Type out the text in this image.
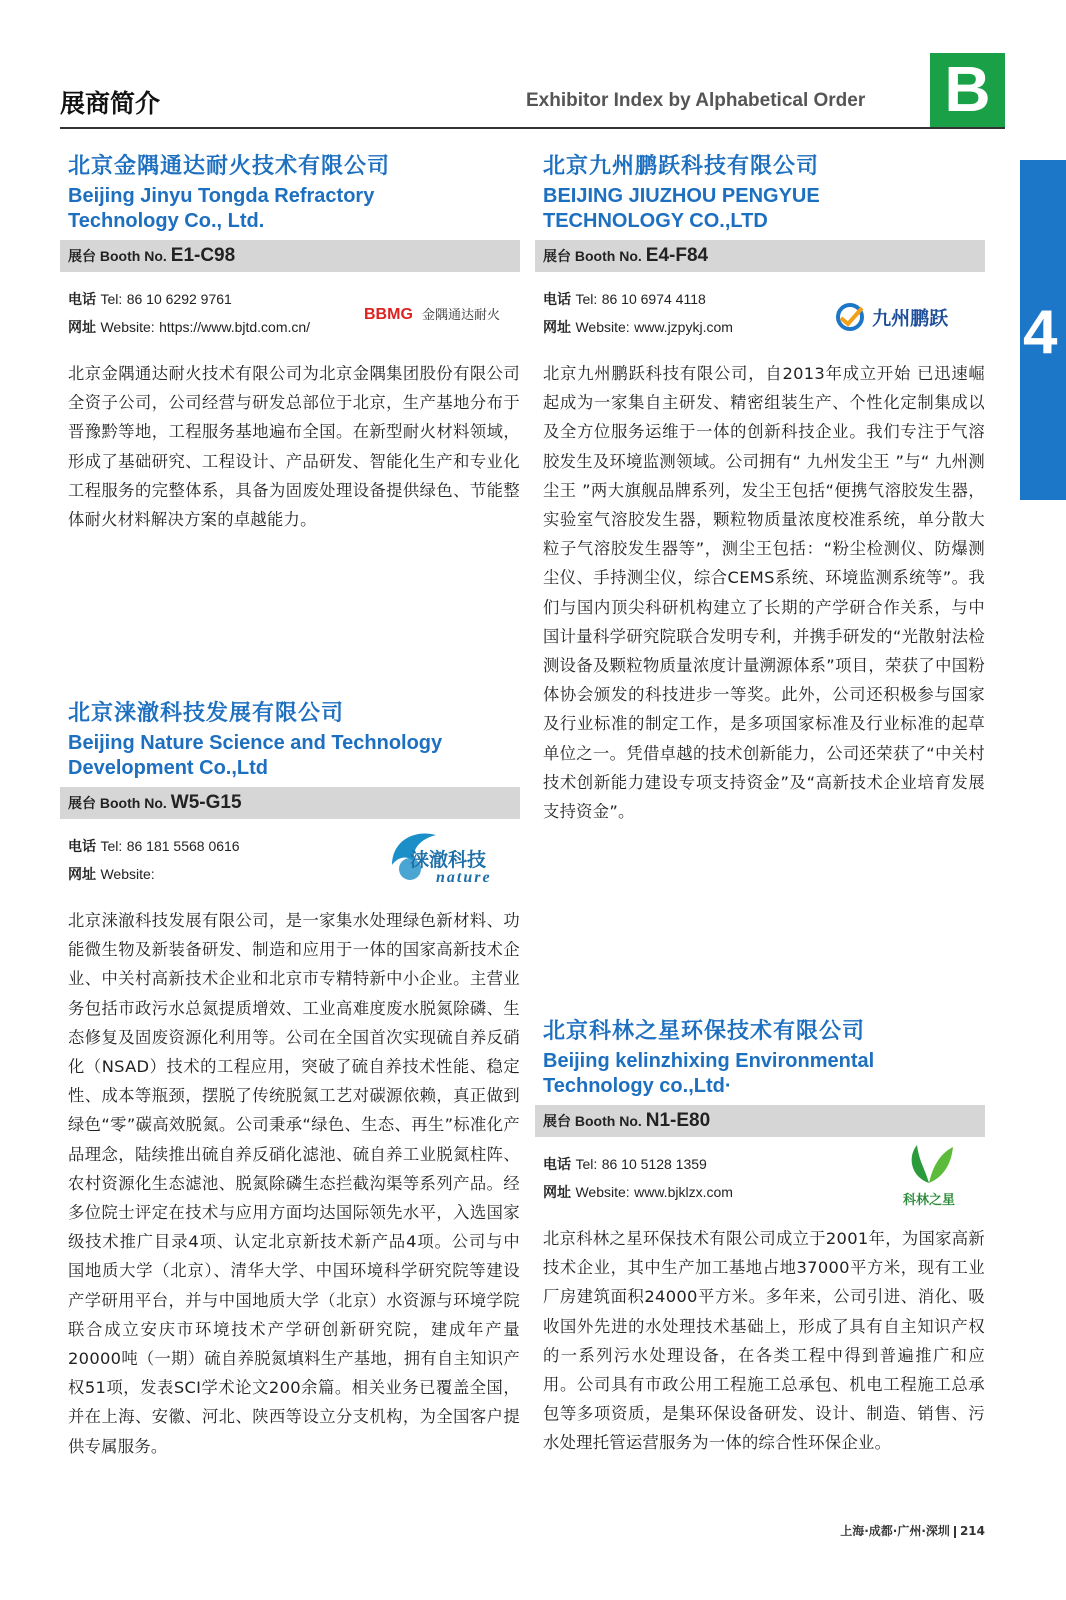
展商简介	Exhibitor Index by Alphabetical Order B
4
北京金隅通达耐火技术有限公司
Beijing Jinyu Tongda Refractory
Technology Co., Ltd.
展台 Booth No. E1-C98
电话 Tel: 86 10 6292 9761
网址 Website: https://www.bjtd.com.cn/
BBMG 金隅通达耐火
北京金隅通达耐火技术有限公司为北京金隅集团股份有限公司全资子公司，公司经营与研发总部位于北京，生产基地分布于晋豫黔等地，工程服务基地遍布全国。在新型耐火材料领域，形成了基础研究、工程设计、产品研发、智能化生产和专业化工程服务的完整体系，具备为固废处理设备提供绿色、节能整体耐火材料解决方案的卓越能力。
北京九州鹏跃科技有限公司
BEIJING JIUZHOU PENGYUE
TECHNOLOGY CO.,LTD
展台 Booth No. E4-F84
电话 Tel: 86 10 6974 4118
网址 Website: www.jzpykj.com	九州鹏跃
北京九州鹏跃科技有限公司，自2013年成立开始 已迅速崛起成为一家集自主研发、精密组装生产、个性化定制集成以及全方位服务运维于一体的创新科技企业。我们专注于气溶胶发生及环境监测领域。公司拥有“ 九州发尘王 ”与“ 九州测尘王 ”两大旗舰品牌系列，发尘王包括“便携气溶胶发生器，实验室气溶胶发生器，颗粒物质量浓度校准系统，单分散大粒子气溶胶发生器等”，测尘王包括：“粉尘检测仪、防爆测尘仪、手持测尘仪，综合CEMS系统、环境监测系统等”。我们与国内顶尖科研机构建立了长期的产学研合作关系，与中国计量科学研究院联合发明专利，并携手研发的“光散射法检测设备及颗粒物质量浓度计量溯源体系”项目，荣获了中国粉体协会颁发的科技进步一等奖。此外，公司还积极参与国家及行业标准的制定工作，是多项国家标准及行业标准的起草单位之一。凭借卓越的技术创新能力，公司还荣获了“中关村技术创新能力建设专项支持资金”及“高新技术企业培育发展支持资金”。
北京涞澈科技发展有限公司
Beijing Nature Science and Technology
Development Co.,Ltd
展台 Booth No. W5-G15
电话 Tel: 86 181 5568 0616
网址 Website:
涞澈科技
nature
北京涞澈科技发展有限公司，是一家集水处理绿色新材料、功能微生物及新装备研发、制造和应用于一体的国家高新技术企业、中关村高新技术企业和北京市专精特新中小企业。主营业务包括市政污水总氮提质增效、工业高难度废水脱氮除磷、生态修复及固废资源化利用等。公司在全国首次实现硫自养反硝化（NSAD）技术的工程应用，突破了硫自养技术性能、稳定性、成本等瓶颈，摆脱了传统脱氮工艺对碳源依赖，真正做到绿色“零”碳高效脱氮。公司秉承“绿色、生态、再生”标准化产品理念，陆续推出硫自养反硝化滤池、硫自养工业脱氮柱阵、农村资源化生态滤池、脱氮除磷生态拦截沟渠等系列产品。经多位院士评定在技术与应用方面均达国际领先水平，入选国家级技术推广目录4项、认定北京新技术新产品4项。公司与中国地质大学（北京）、清华大学、中国环境科学研究院等建设产学研用平台，并与中国地质大学（北京）水资源与环境学院联合成立安庆市环境技术产学研创新研究院，建成年产量20000吨（一期）硫自养脱氮填料生产基地，拥有自主知识产权51项，发表SCI学术论文200余篇。相关业务已覆盖全国，并在上海、安徽、河北、陕西等设立分支机构，为全国客户提供专属服务。
北京科林之星环保技术有限公司
Beijing kelinzhixing Environmental
Technology co.,Ltd·
展台 Booth No. N1-E80
电话 Tel: 86 10 5128 1359
网址 Website: www.bjklzx.com
科林之星
北京科林之星环保技术有限公司成立于2001年，为国家高新技术企业，其中生产加工基地占地37000平方米，现有工业厂房建筑面积24000平方米。多年来，公司引进、消化、吸收国外先进的水处理技术基础上，形成了具有自主知识产权的一系列污水处理设备，在各类工程中得到普遍推广和应用。公司具有市政公用工程施工总承包、机电工程施工总承包等多项资质，是集环保设备研发、设计、制造、销售、污水处理托管运营服务为一体的综合性环保企业。
上海·成都·广州·深圳 214
